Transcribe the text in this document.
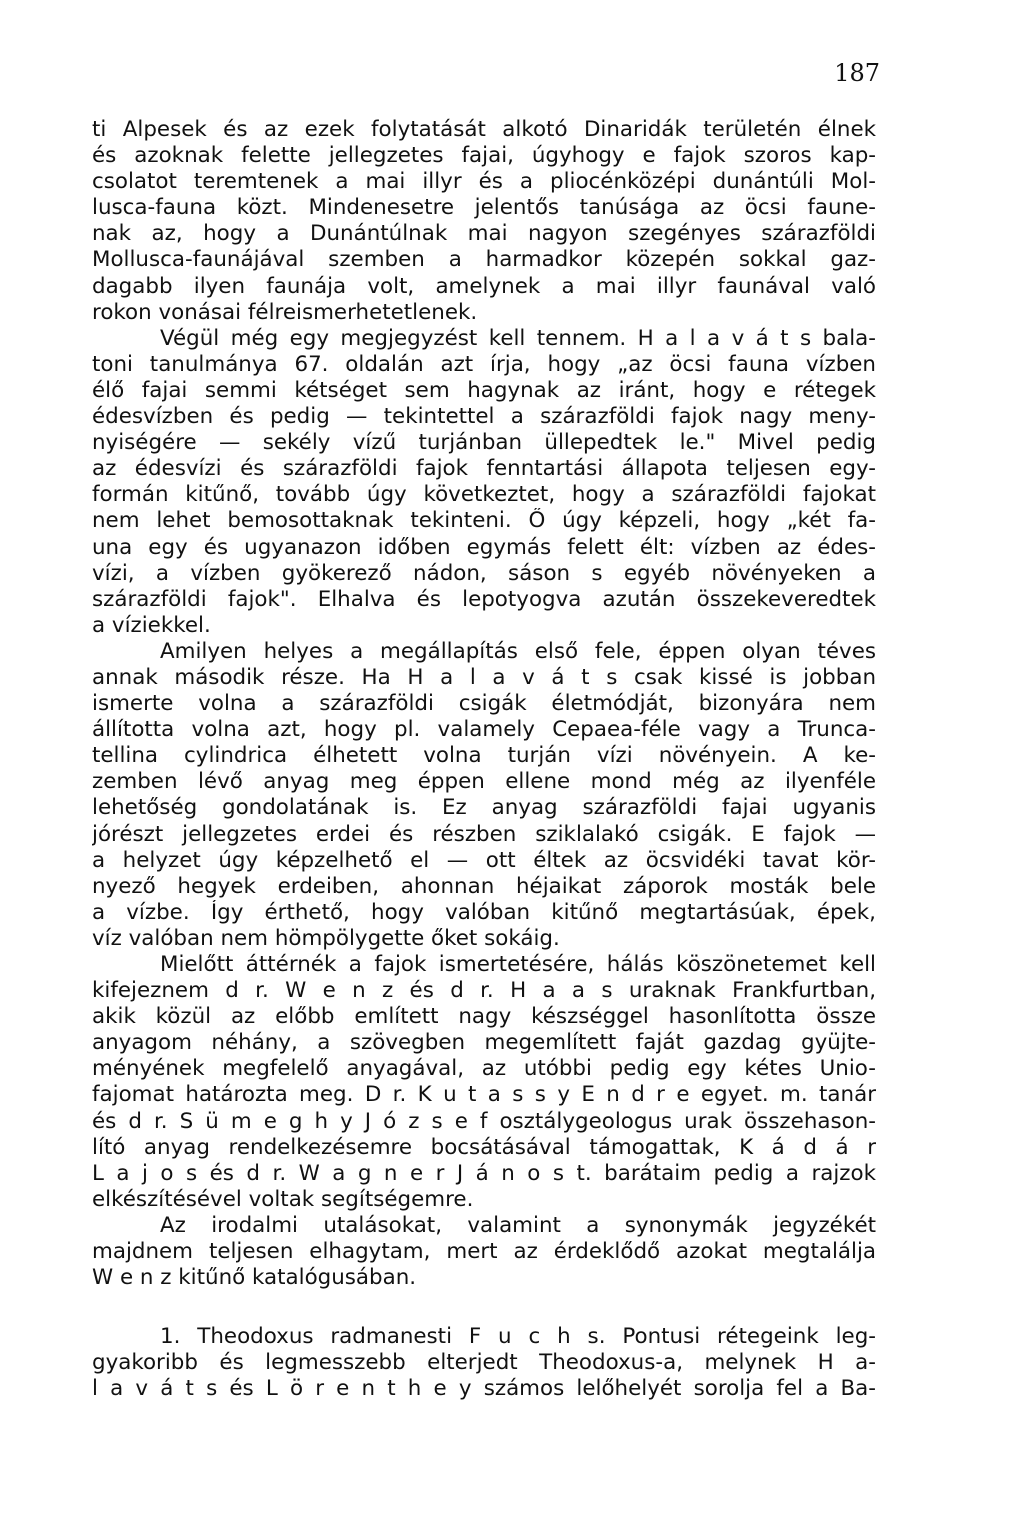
187
ti Alpesek és az ezek folytatását alkotó Dinaridák területén élnek
és azoknak felette jellegzetes fajai, úgyhogy e fajok szoros kap-
csolatot teremtenek a mai illyr és a pliocénközépi dunántúli Mol-
lusca-fauna közt. Mindenesetre jelentős tanúsága az öcsi faune-
nak az, hogy a Dunántúlnak mai nagyon szegényes szárazföldi
Mollusca-faunájával szemben a harmadkor közepén sokkal gaz-
dagabb ilyen faunája volt, amelynek a mai illyr faunával való
rokon vonásai félreismerhetetlenek.
Végül még egy megjegyzést kell tennem. H a l a v á t s bala-
toni tanulmánya 67. oldalán azt írja, hogy „az öcsi fauna vízben
élő fajai semmi kétséget sem hagynak az iránt, hogy e rétegek
édesvízben és pedig — tekintettel a szárazföldi fajok nagy meny-
nyiségére — sekély vízű turjánban üllepedtek le." Mivel pedig
az édesvízi és szárazföldi fajok fenntartási állapota teljesen egy-
formán kitűnő, tovább úgy következtet, hogy a szárazföldi fajokat
nem lehet bemosottaknak tekinteni. Ő úgy képzeli, hogy „két fa-
una egy és ugyanazon időben egymás felett élt: vízben az édes-
vízi, a vízben gyökerező nádon, sáson s egyéb növényeken a
szárazföldi fajok". Elhalva és lepotyogva azután összekeveredtek
a víziekkel.
Amilyen helyes a megállapítás első fele, éppen olyan téves
annak második része. Ha H a l a v á t s csak kissé is jobban
ismerte volna a szárazföldi csigák életmódját, bizonyára nem
állította volna azt, hogy pl. valamely Cepaea-féle vagy a Trunca-
tellina cylindrica élhetett volna turján vízi növényein. A ke-
zemben lévő anyag meg éppen ellene mond még az ilyenféle
lehetőség gondolatának is. Ez anyag szárazföldi fajai ugyanis
jórészt jellegzetes erdei és részben sziklalakó csigák. E fajok —
a helyzet úgy képzelhető el — ott éltek az öcsvidéki tavat kör-
nyező hegyek erdeiben, ahonnan héjaikat záporok mosták bele
a vízbe. Így érthető, hogy valóban kitűnő megtartásúak, épek,
víz valóban nem hömpölygette őket sokáig.
Mielőtt áttérnék a fajok ismertetésére, hálás köszönetemet kell
kifejeznem d r. W e n z és d r. H a a s uraknak Frankfurtban,
akik közül az előbb említett nagy készséggel hasonlította össze
anyagom néhány, a szövegben megemlített faját gazdag gyüjte-
ményének megfelelő anyagával, az utóbbi pedig egy kétes Unio-
fajomat határozta meg. D r. K u t a s s y E n d r e egyet. m. tanár
és d r. S ü m e g h y J ó z s e f osztálygeologus urak összehason-
lító anyag rendelkezésemre bocsátásával támogattak, K á d á r
L a j o s és d r. W a g n e r J á n o s t. barátaim pedig a rajzok
elkészítésével voltak segítségemre.
Az irodalmi utalásokat, valamint a synonymák jegyzékét
majdnem teljesen elhagytam, mert az érdeklődő azokat megtalálja
W e n z kitűnő katalógusában.
1. Theodoxus radmanesti F u c h s. Pontusi rétegeink leg-
gyakoribb és legmesszebb elterjedt Theodoxus-a, melynek H a-
l a v á t s és L ö r e n t h e y számos lelőhelyét sorolja fel a Ba-
